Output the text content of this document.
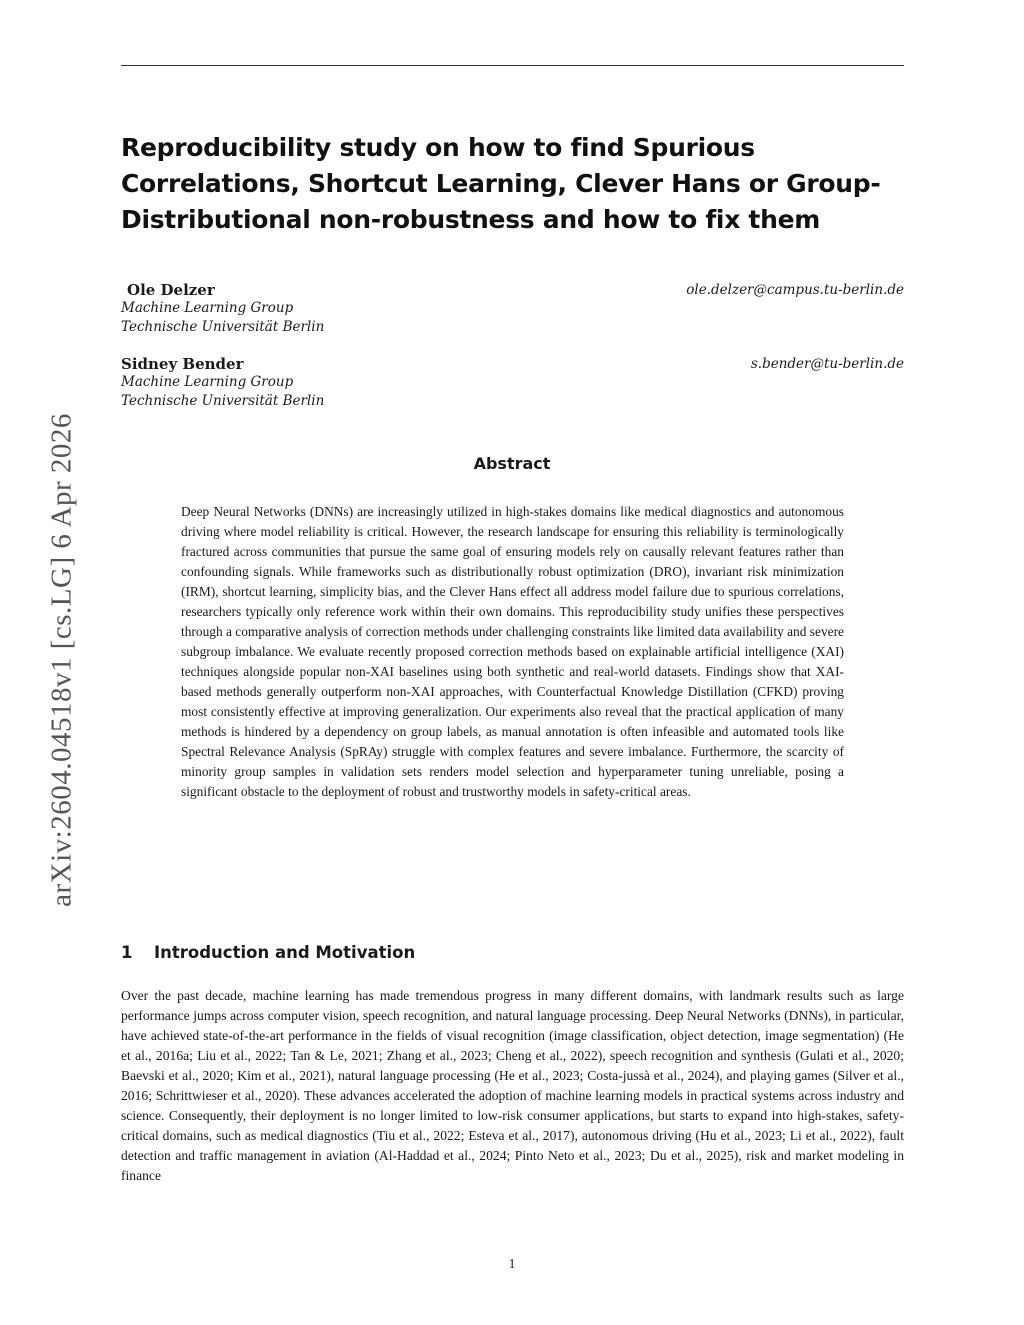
Reproducibility study on how to find Spurious Correlations, Shortcut Learning, Clever Hans or Group-Distributional non-robustness and how to fix them
Ole Delzer
Machine Learning Group
Technische Universität Berlin
ole.delzer@campus.tu-berlin.de
Sidney Bender
Machine Learning Group
Technische Universität Berlin
s.bender@tu-berlin.de
arXiv:2604.04518v1 [cs.LG] 6 Apr 2026	Abstract

Deep Neural Networks (DNNs) are increasingly utilized in high-stakes domains like medical diagnostics and autonomous driving where model reliability is critical. However, the research landscape for ensuring this reliability is terminologically fractured across communities that pursue the same goal of ensuring models rely on causally relevant features rather than confounding signals. While frameworks such as distributionally robust optimization (DRO), invariant risk minimization (IRM), shortcut learning, simplicity bias, and the Clever Hans effect all address model failure due to spurious correlations, researchers typically only reference work within their own domains. This reproducibility study unifies these perspectives through a comparative analysis of correction methods under challenging constraints like limited data availability and severe subgroup imbalance. We evaluate recently proposed correction methods based on explainable artificial intelligence (XAI) techniques alongside popular non-XAI baselines using both synthetic and real-world datasets. Findings show that XAI-based methods generally outperform non-XAI approaches, with Counterfactual Knowledge Distillation (CFKD) proving most consistently effective at improving generalization. Our experiments also reveal that the practical application of many methods is hindered by a dependency on group labels, as manual annotation is often infeasible and automated tools like Spectral Relevance Analysis (SpRAy) struggle with complex features and severe imbalance. Furthermore, the scarcity of minority group samples in validation sets renders model selection and hyperparameter tuning unreliable, posing a significant obstacle to the deployment of robust and trustworthy models in safety-critical areas.

1 Introduction and Motivation

Over the past decade, machine learning has made tremendous progress in many different domains, with landmark results such as large performance jumps across computer vision, speech recognition, and natural language processing. Deep Neural Networks (DNNs), in particular, have achieved state-of-the-art performance in the fields of visual recognition (image classification, object detection, image segmentation) (He et al., 2016a; Liu et al., 2022; Tan & Le, 2021; Zhang et al., 2023; Cheng et al., 2022), speech recognition and synthesis (Gulati et al., 2020; Baevski et al., 2020; Kim et al., 2021), natural language processing (He et al., 2023; Costa-jussà et al., 2024), and playing games (Silver et al., 2016; Schrittwieser et al., 2020). These advances accelerated the adoption of machine learning models in practical systems across industry and science. Consequently, their deployment is no longer limited to low-risk consumer applications, but starts to expand into high-stakes, safety-critical domains, such as medical diagnostics (Tiu et al., 2022; Esteva et al., 2017), autonomous driving (Hu et al., 2023; Li et al., 2022), fault detection and traffic management in aviation (Al-Haddad et al., 2024; Pinto Neto et al., 2023; Du et al., 2025), risk and market modeling in finance

1
